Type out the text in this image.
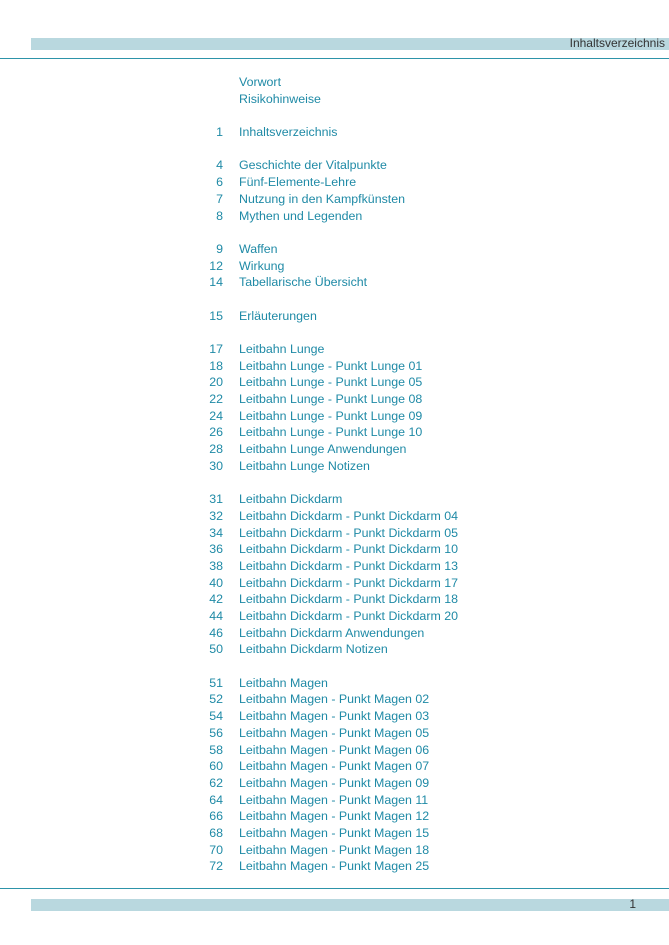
Inhaltsverzeichnis
Vorwort
Risikohinweise
1 Inhaltsverzeichnis
4 Geschichte der Vitalpunkte
6 Fünf-Elemente-Lehre
7 Nutzung in den Kampfkünsten
8 Mythen und Legenden
9 Waffen
12 Wirkung
14 Tabellarische Übersicht
15 Erläuterungen
17 Leitbahn Lunge
18 Leitbahn Lunge - Punkt Lunge 01
20 Leitbahn Lunge - Punkt Lunge 05
22 Leitbahn Lunge - Punkt Lunge 08
24 Leitbahn Lunge - Punkt Lunge 09
26 Leitbahn Lunge - Punkt Lunge 10
28 Leitbahn Lunge Anwendungen
30 Leitbahn Lunge Notizen
31 Leitbahn Dickdarm
32 Leitbahn Dickdarm - Punkt Dickdarm 04
34 Leitbahn Dickdarm - Punkt Dickdarm 05
36 Leitbahn Dickdarm - Punkt Dickdarm 10
38 Leitbahn Dickdarm - Punkt Dickdarm 13
40 Leitbahn Dickdarm - Punkt Dickdarm 17
42 Leitbahn Dickdarm - Punkt Dickdarm 18
44 Leitbahn Dickdarm - Punkt Dickdarm 20
46 Leitbahn Dickdarm Anwendungen
50 Leitbahn Dickdarm Notizen
51 Leitbahn Magen
52 Leitbahn Magen - Punkt Magen 02
54 Leitbahn Magen - Punkt Magen 03
56 Leitbahn Magen - Punkt Magen 05
58 Leitbahn Magen - Punkt Magen 06
60 Leitbahn Magen - Punkt Magen 07
62 Leitbahn Magen - Punkt Magen 09
64 Leitbahn Magen - Punkt Magen 11
66 Leitbahn Magen - Punkt Magen 12
68 Leitbahn Magen - Punkt Magen 15
70 Leitbahn Magen - Punkt Magen 18
72 Leitbahn Magen - Punkt Magen 25
1
